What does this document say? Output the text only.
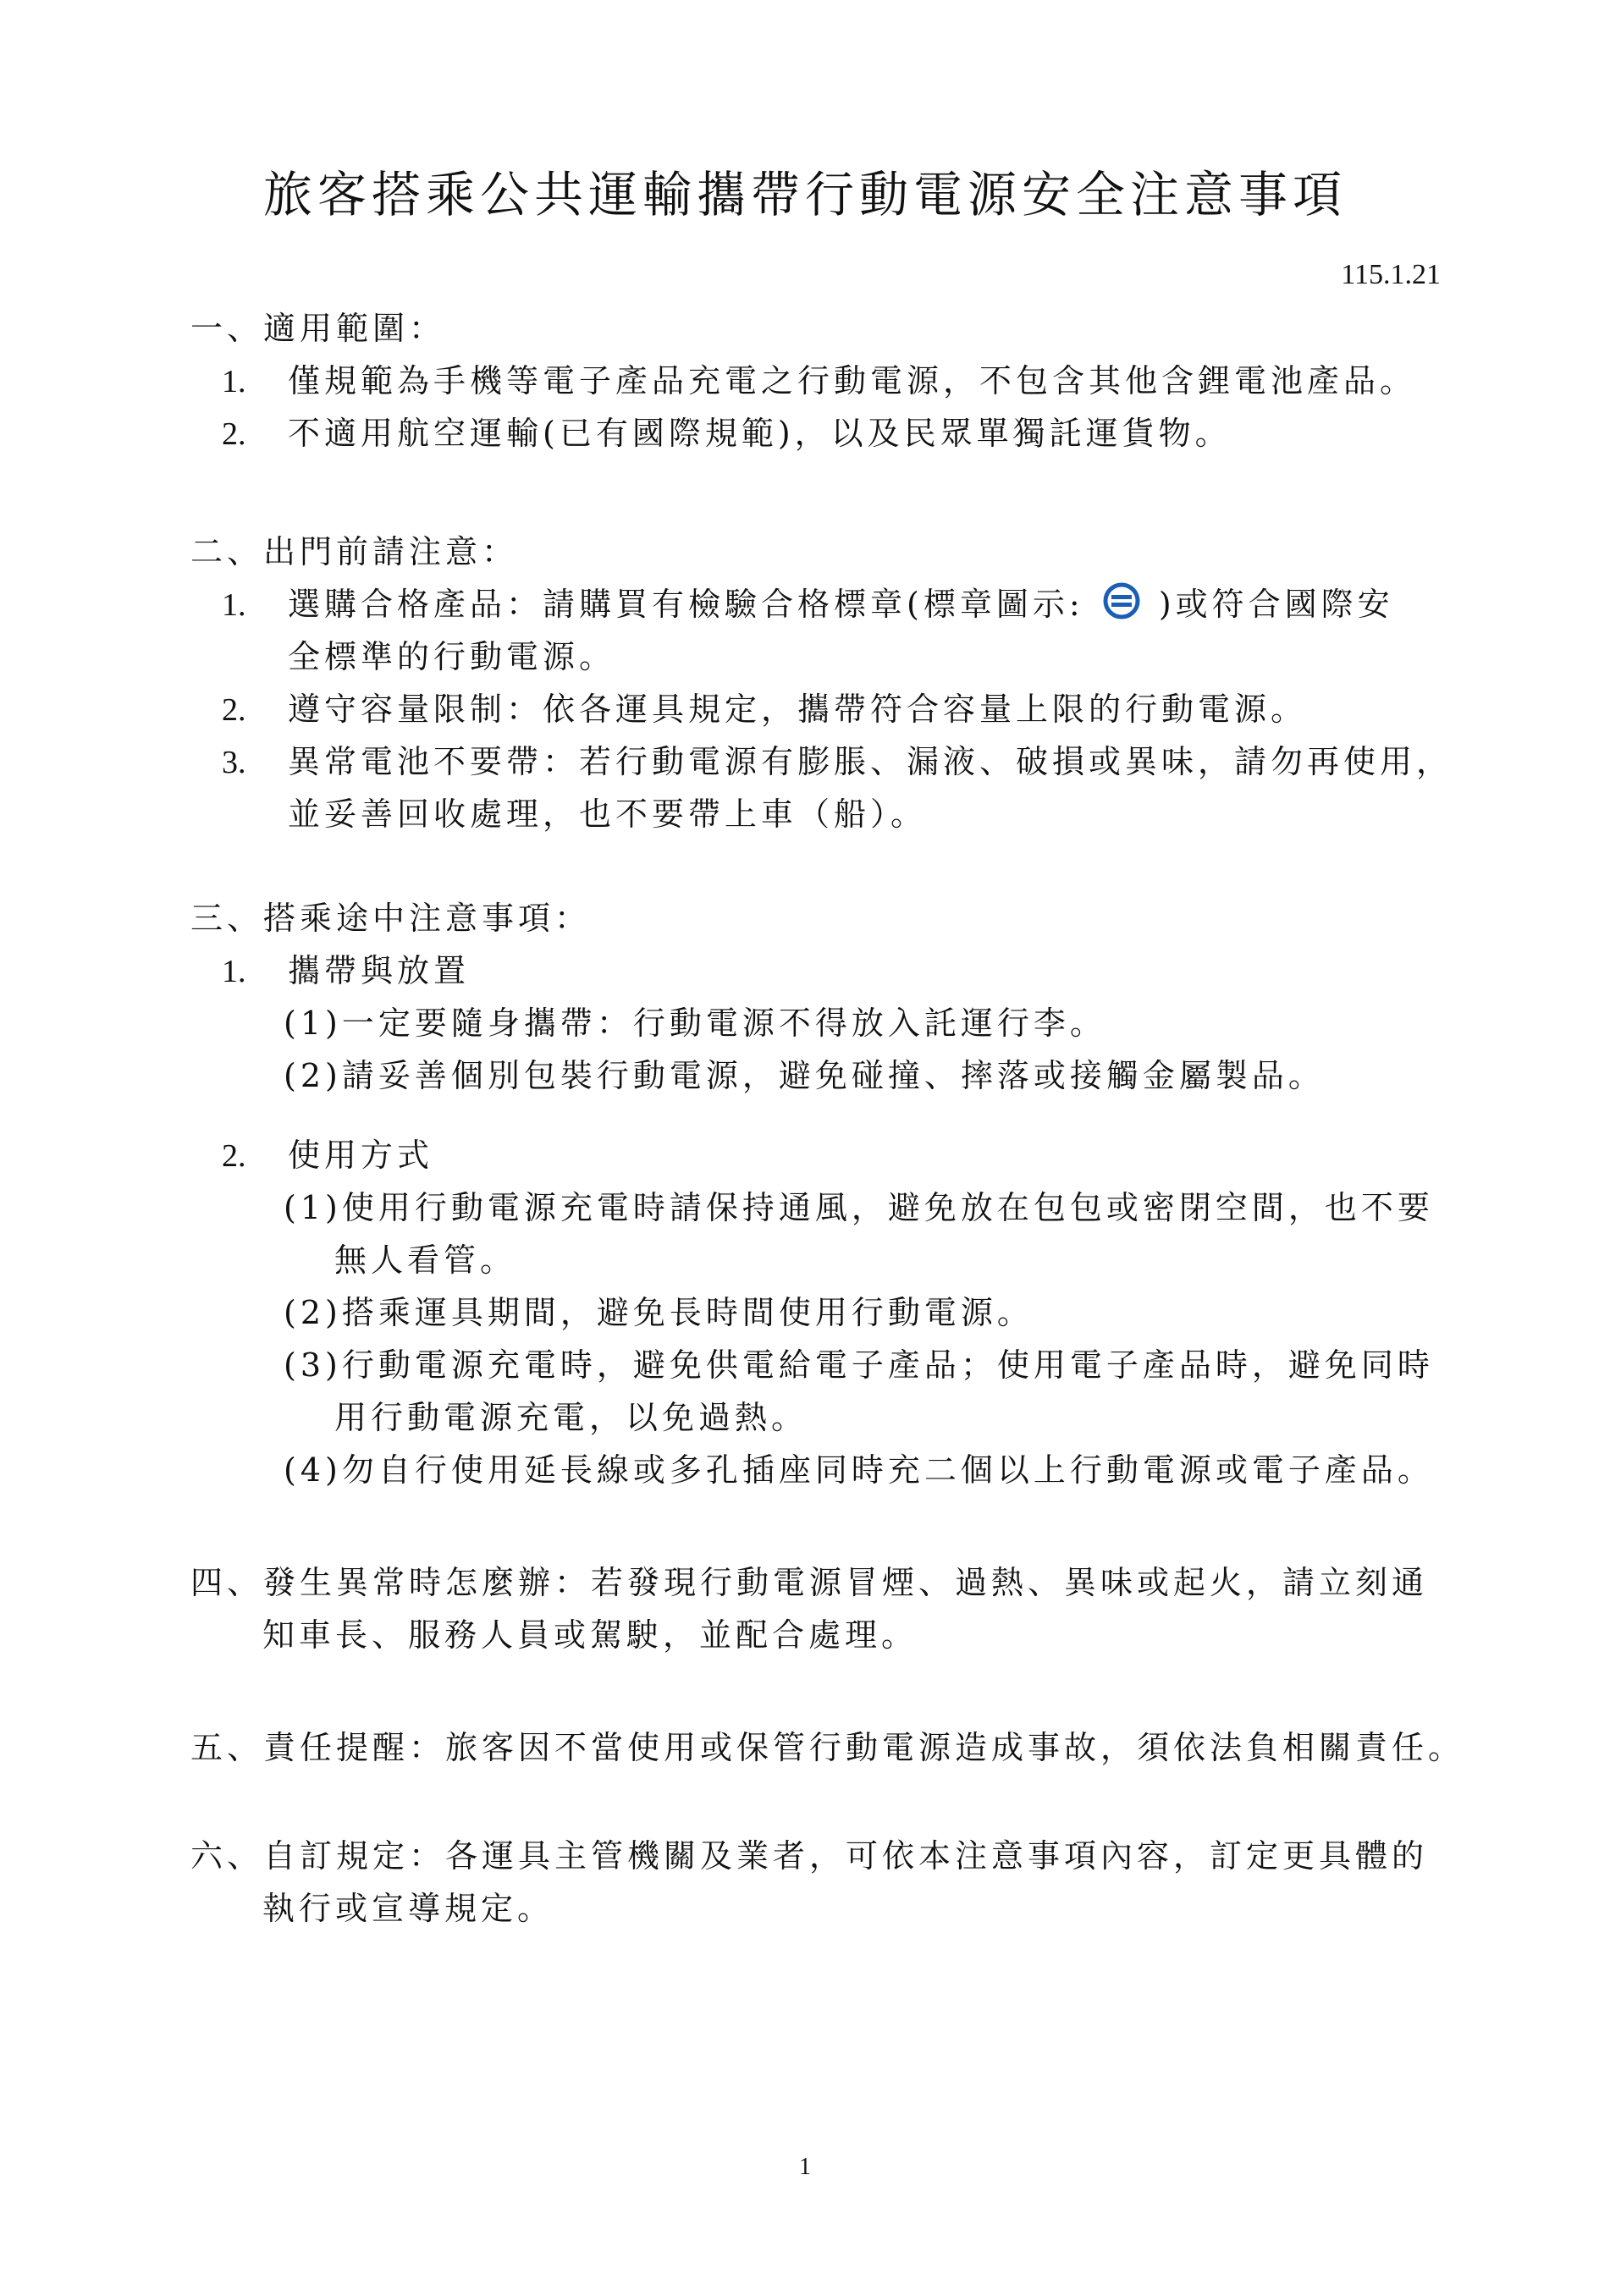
旅客搭乘公共運輸攜帶行動電源安全注意事項
115.1.21
一、適用範圍：
1. 僅規範為手機等電子產品充電之行動電源，不包含其他含鋰電池產品。
2. 不適用航空運輸(已有國際規範)，以及民眾單獨託運貨物。
二、出門前請注意：
1. 選購合格產品：請購買有檢驗合格標章(標章圖示: )或符合國際安
全標準的行動電源。
2. 遵守容量限制：依各運具規定，攜帶符合容量上限的行動電源。
3. 異常電池不要帶：若行動電源有膨脹、漏液、破損或異味，請勿再使用，
並妥善回收處理，也不要帶上車（船）。
三、搭乘途中注意事項：
1. 攜帶與放置
(1)一定要隨身攜帶：行動電源不得放入託運行李。
(2)請妥善個別包裝行動電源，避免碰撞、摔落或接觸金屬製品。
2. 使用方式
(1)使用行動電源充電時請保持通風，避免放在包包或密閉空間，也不要
無人看管。
(2)搭乘運具期間，避免長時間使用行動電源。
(3)行動電源充電時，避免供電給電子產品；使用電子產品時，避免同時
用行動電源充電，以免過熱。
(4)勿自行使用延長線或多孔插座同時充二個以上行動電源或電子產品。
四、發生異常時怎麼辦：若發現行動電源冒煙、過熱、異味或起火，請立刻通
知車長、服務人員或駕駛，並配合處理。
五、責任提醒：旅客因不當使用或保管行動電源造成事故，須依法負相關責任。
六、自訂規定：各運具主管機關及業者，可依本注意事項內容，訂定更具體的
執行或宣導規定。
1
